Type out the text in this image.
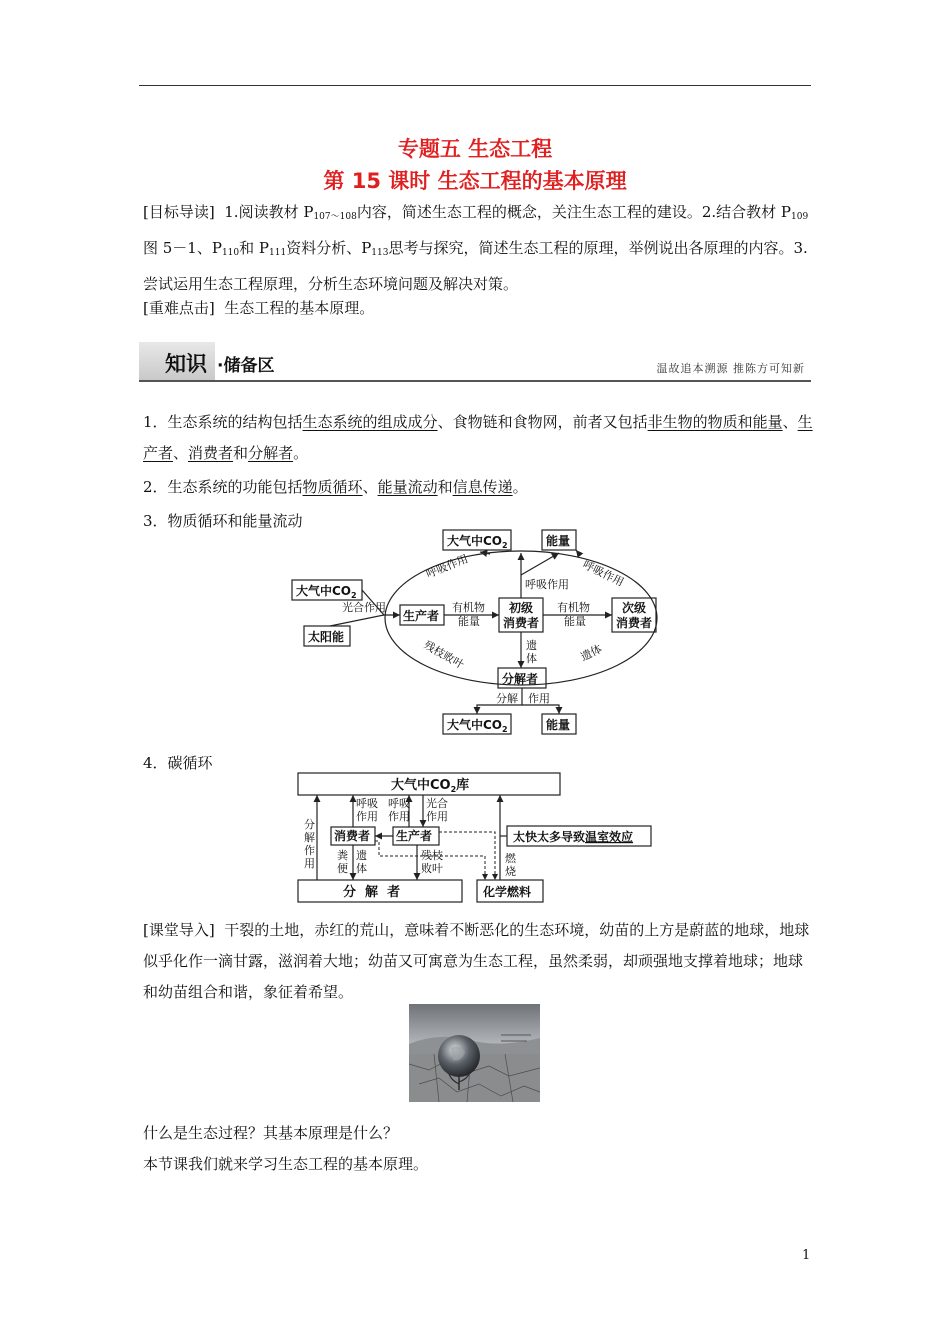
专题五 生态工程
第 15 课时 生态工程的基本原理

[目标导读] 1.阅读教材 $P_{107\sim 108}$内容，简述生态工程的概念，关注生态工程的建设。2.结合教材 $P_{109}$图 5－1、$P_{110}$和 $P_{111}$资料分析、$P_{113}$思考与探究，简述生态工程的原理，举例说出各原理的内容。3.尝试运用生态工程原理，分析生态环境问题及解决对策。

[重难点击] 生态工程的基本原理。

知识 ·储备区	温故追本溯源 推陈方可知新

1．生态系统的结构包括生态系统的组成成分、食物链和食物网，前者又包括非生物的物质和能量、生产者、消费者和分解者。

2．生态系统的功能包括物质循环、能量流动和信息传递。

3．物质循环和能量流动
大气中$CO_2$	能量
大气中$CO_2$
太阳能
光合作用
生产者
有机物
能量
初级
消费者
有机物
能量
次级
消费者
呼吸作用
呼吸作用	呼吸作用
遗
体
残枝败叶	遗体
分解者
分解 作用
大气中$CO_2$	能量
4．碳循环
大气中$CO_2$库
呼吸
作用
呼吸
作用
光合
作用
消费者 生产者	太快太多导致温室效应
分
解
作
用
粪
便
遗
体
残枝
败叶
燃
烧
分  解  者	化学燃料

[课堂导入] 干裂的土地，赤红的荒山，意味着不断恶化的生态环境，幼苗的上方是蔚蓝的地球，地球似乎化作一滴甘露，滋润着大地；幼苗又可寓意为生态工程，虽然柔弱，却顽强地支撑着地球；地球和幼苗组合和谐，象征着希望。

什么是生态过程？其基本原理是什么？
本节课我们就来学习生态工程的基本原理。
1
